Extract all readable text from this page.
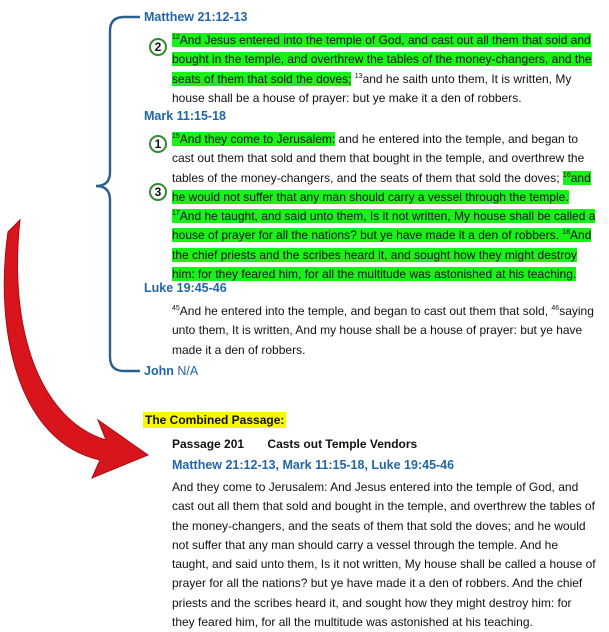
Matthew 21:12-13
2
$^{12}$And Jesus entered into the temple of God, and cast out all them that sold and bought in the temple, and overthrew the tables of the money-changers, and the seats of them that sold the doves; $^{13}$and he saith unto them, It is written, My house shall be a house of prayer: but ye make it a den of robbers.
Mark 11:15-18
1
3
$^{15}$And they come to Jerusalem: and he entered into the temple, and began to cast out them that sold and them that bought in the temple, and overthrew the tables of the money-changers, and the seats of them that sold the doves; $^{16}$and he would not suffer that any man should carry a vessel through the temple. $^{17}$And he taught, and said unto them, Is it not written, My house shall be called a house of prayer for all the nations? but ye have made it a den of robbers. $^{18}$And the chief priests and the scribes heard it, and sought how they might destroy him: for they feared him, for all the multitude was astonished at his teaching.
Luke 19:45-46
$^{45}$And he entered into the temple, and began to cast out them that sold, $^{46}$saying unto them, It is written, And my house shall be a house of prayer: but ye have made it a den of robbers.
John N/A
The Combined Passage:
Passage 201 Casts out Temple Vendors
Matthew 21:12-13, Mark 11:15-18, Luke 19:45-46
And they come to Jerusalem: And Jesus entered into the temple of God, and cast out all them that sold and bought in the temple, and overthrew the tables of the money-changers, and the seats of them that sold the doves; and he would not suffer that any man should carry a vessel through the temple. And he taught, and said unto them, Is it not written, My house shall be called a house of prayer for all the nations? but ye have made it a den of robbers. And the chief priests and the scribes heard it, and sought how they might destroy him: for they feared him, for all the multitude was astonished at his teaching.
